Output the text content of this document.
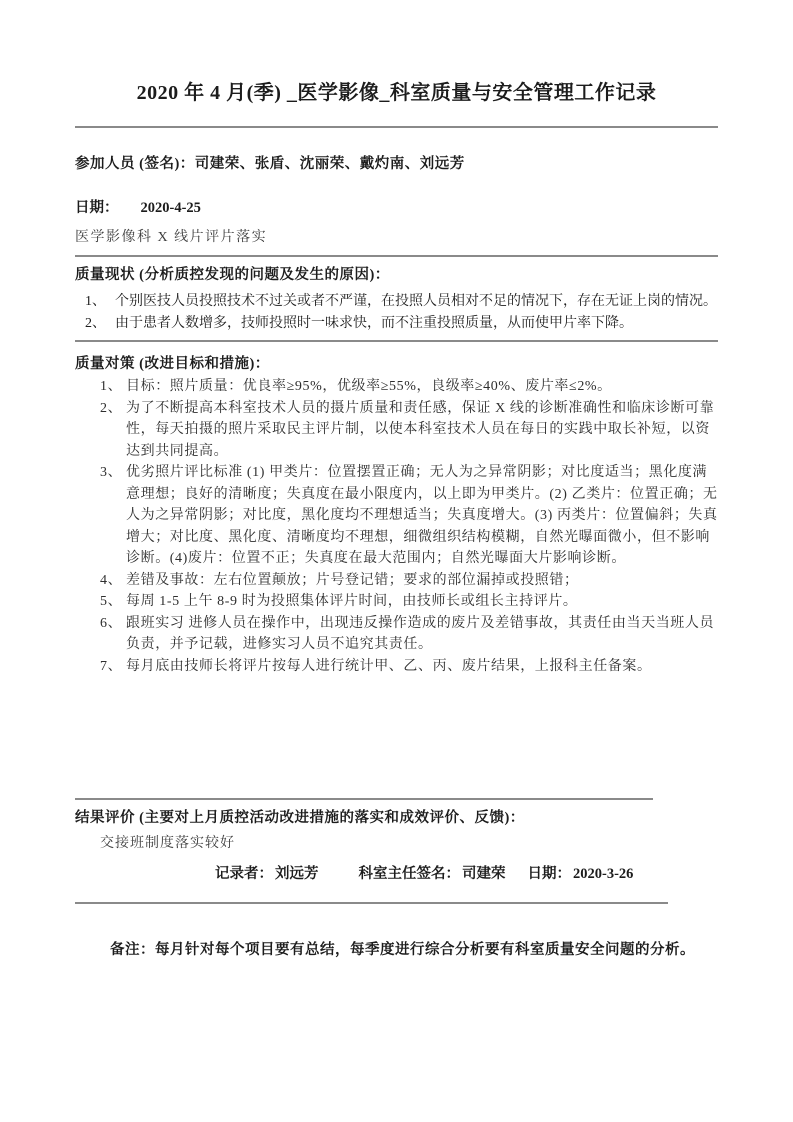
2020 年 4 月(季) _医学影像_科室质量与安全管理工作记录
参加人员 (签名)：司建荣、张盾、沈丽荣、戴灼南、刘远芳
日期： 2020-4-25
医学影像科 X 线片评片落实
质量现状 (分析质控发现的问题及发生的原因)：
1、 个别医技人员投照技术不过关或者不严谨，在投照人员相对不足的情况下，存在无证上岗的情况。
2、 由于患者人数增多，技师投照时一味求快，而不注重投照质量，从而使甲片率下降。
质量对策 (改进目标和措施)：
1、 目标：照片质量：优良率≥95%，优级率≥55%，良级率≥40%、废片率≤2%。
2、 为了不断提高本科室技术人员的摄片质量和责任感，保证 X 线的诊断准确性和临床诊断可靠性，每天拍摄的照片采取民主评片制，以使本科室技术人员在每日的实践中取长补短，以资达到共同提高。
3、 优劣照片评比标准 (1) 甲类片：位置摆置正确；无人为之异常阴影；对比度适当；黑化度满意理想；良好的清晰度；失真度在最小限度内，以上即为甲类片。(2) 乙类片：位置正确；无人为之异常阴影；对比度，黑化度均不理想适当；失真度增大。(3) 丙类片：位置偏斜；失真增大；对比度、黑化度、清晰度均不理想，细微组织结构模糊，自然光曝面微小，但不影响诊断。(4)废片：位置不正；失真度在最大范围内；自然光曝面大片影响诊断。
4、 差错及事故：左右位置颠放；片号登记错；要求的部位漏掉或投照错；
5、 每周 1-5 上午 8-9 时为投照集体评片时间，由技师长或组长主持评片。
6、 跟班实习 进修人员在操作中，出现违反操作造成的废片及差错事故，其责任由当天当班人员负责，并予记载，进修实习人员不追究其责任。
7、 每月底由技师长将评片按每人进行统计甲、乙、丙、废片结果，上报科主任备案。
结果评价 (主要对上月质控活动改进措施的落实和成效评价、反馈)：
交接班制度落实较好
记录者： 刘远芳	科室主任签名： 司建荣 日期： 2020-3-26
备注：每月针对每个项目要有总结，每季度进行综合分析要有科室质量安全问题的分析。
